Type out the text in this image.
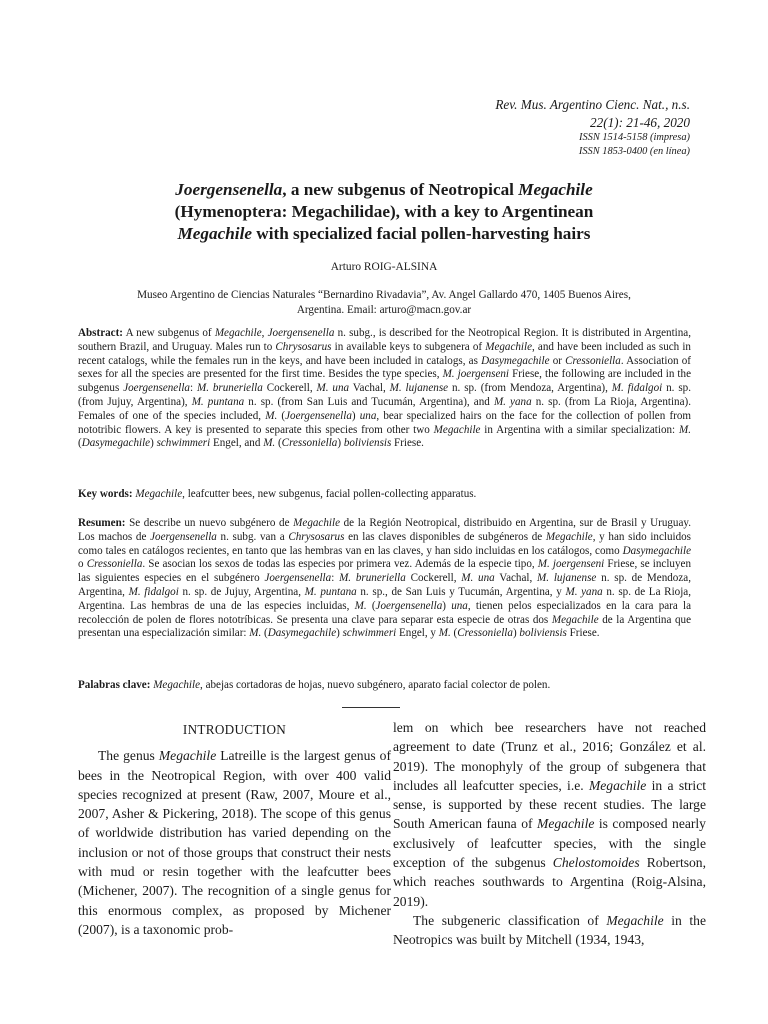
Rev. Mus. Argentino Cienc. Nat., n.s.
22(1): 21-46, 2020
ISSN 1514-5158 (impresa)
ISSN 1853-0400 (en línea)
Joergensenella, a new subgenus of Neotropical Megachile
(Hymenoptera: Megachilidae), with a key to Argentinean
Megachile with specialized facial pollen-harvesting hairs
Arturo ROIG-ALSINA
Museo Argentino de Ciencias Naturales “Bernardino Rivadavia”, Av. Angel Gallardo 470, 1405 Buenos Aires,
Argentina. Email: arturo@macn.gov.ar
Abstract: A new subgenus of Megachile, Joergensenella n. subg., is described for the Neotropical Region. It is distributed in Argentina, southern Brazil, and Uruguay. Males run to Chrysosarus in available keys to subgenera of Megachile, and have been included as such in recent catalogs, while the females run in the keys, and have been included in catalogs, as Dasymegachile or Cressoniella. Association of sexes for all the species are presented for the first time. Besides the type species, M. joergenseni Friese, the following are included in the subgenus Joergensenella: M. bruneriella Cockerell, M. una Vachal, M. lujanense n. sp. (from Mendoza, Argentina), M. fidalgoi n. sp. (from Jujuy, Argentina), M. puntana n. sp. (from San Luis and Tucumán, Argentina), and M. yana n. sp. (from La Rioja, Argentina). Females of one of the species included, M. (Joergensenella) una, bear specialized hairs on the face for the collection of pollen from nototribic flowers. A key is presented to separate this species from other two Megachile in Argentina with a similar specialization: M. (Dasymegachile) schwimmeri Engel, and M. (Cressoniella) boliviensis Friese.
Key words: Megachile, leafcutter bees, new subgenus, facial pollen-collecting apparatus.
Resumen: Se describe un nuevo subgénero de Megachile de la Región Neotropical, distribuido en Argentina, sur de Brasil y Uruguay. Los machos de Joergensenella n. subg. van a Chrysosarus en las claves disponibles de subgéneros de Megachile, y han sido incluidos como tales en catálogos recientes, en tanto que las hembras van en las claves, y han sido incluidas en los catálogos, como Dasymegachile o Cressoniella. Se asocian los sexos de todas las especies por primera vez. Además de la especie tipo, M. joergenseni Friese, se incluyen las siguientes especies en el subgénero Joergensenella: M. bruneriella Cockerell, M. una Vachal, M. lujanense n. sp. de Mendoza, Argentina, M. fidalgoi n. sp. de Jujuy, Argentina, M. puntana n. sp., de San Luis y Tucumán, Argentina, y M. yana n. sp. de La Rioja, Argentina. Las hembras de una de las especies incluidas, M. (Joergensenella) una, tienen pelos especializados en la cara para la recolección de polen de flores nototríbicas. Se presenta una clave para separar esta especie de otras dos Megachile de la Argentina que presentan una especialización similar: M. (Dasymegachile) schwimmeri Engel, y M. (Cressoniella) boliviensis Friese.
Palabras clave: Megachile, abejas cortadoras de hojas, nuevo subgénero, aparato facial colector de polen.
INTRODUCTION

The genus Megachile Latreille is the largest genus of bees in the Neotropical Region, with over 400 valid species recognized at present (Raw, 2007, Moure et al., 2007, Asher & Pickering, 2018). The scope of this genus of worldwide distribution has varied depending on the inclusion or not of those groups that construct their nests with mud or resin together with the leafcutter bees (Michener, 2007). The recognition of a single genus for this enormous complex, as proposed by Michener (2007), is a taxonomic prob-

lem on which bee researchers have not reached agreement to date (Trunz et al., 2016; González et al. 2019). The monophyly of the group of subgenera that includes all leafcutter species, i.e. Megachile in a strict sense, is supported by these recent studies. The large South American fauna of Megachile is composed nearly exclusively of leafcutter species, with the single exception of the subgenus Chelostomoides Robertson, which reaches southwards to Argentina (Roig-Alsina, 2019).

The subgeneric classification of Megachile in the Neotropics was built by Mitchell (1934, 1943,
